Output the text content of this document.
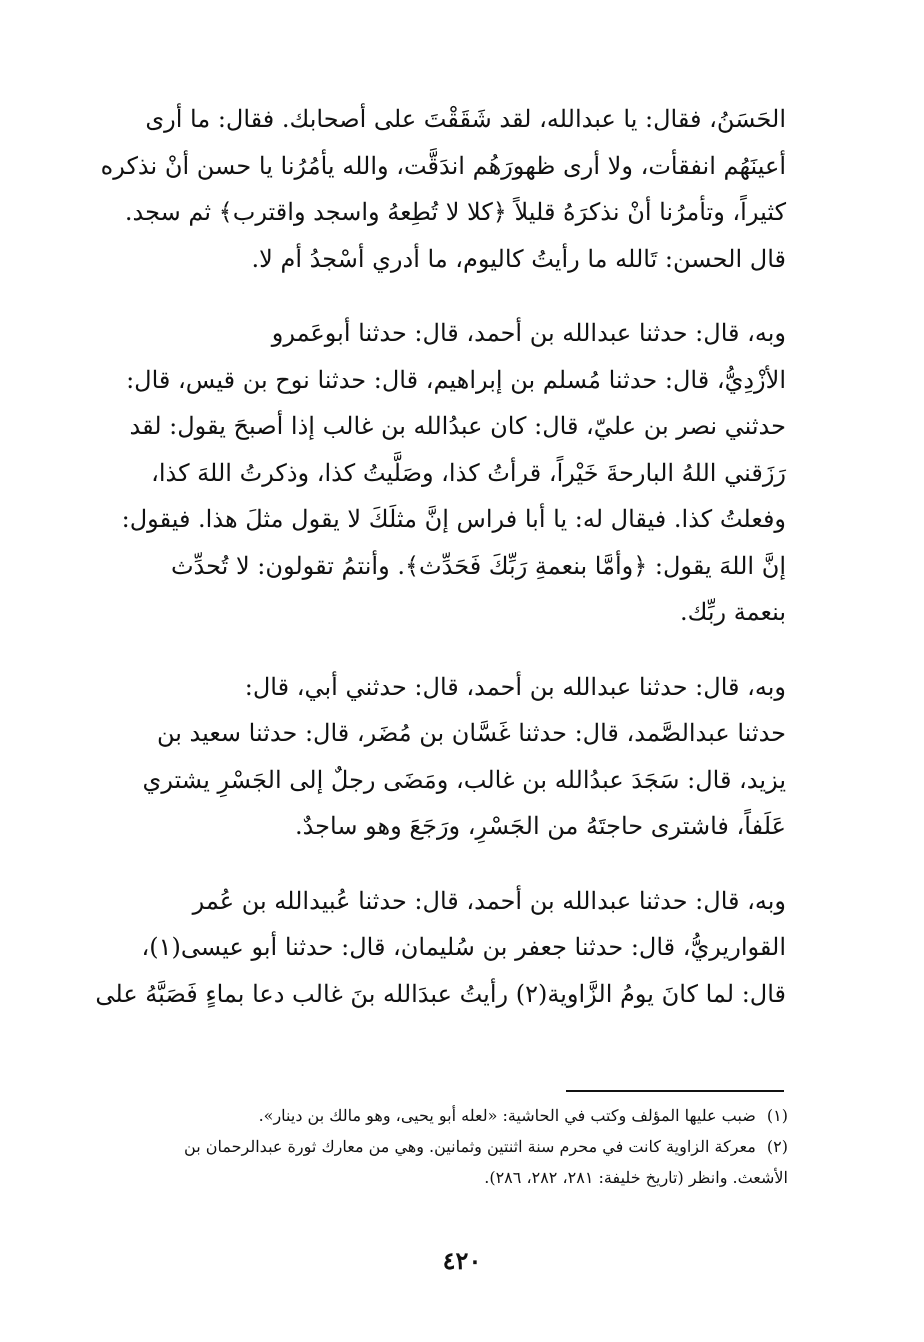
الحَسَنُ، فقال: يا عبدالله، لقد شَقَقْتَ على أصحابك. فقال: ما أرى

أعينَهُم انفقأت، ولا أرى ظهورَهُم اندَقَّت، والله يأمُرُنا يا حسن أنْ نذكره

كثيراً، وتأمرُنا أنْ نذكرَهُ قليلاً ﴿كلا لا تُطِعهُ واسجد واقترب﴾ ثم سجد.

قال الحسن: تَالله ما رأيتُ كاليوم، ما أدري أسْجدُ أم لا.

وبه، قال: حدثنا عبدالله بن أحمد، قال: حدثنا أبوعَمرو

الأزْدِيُّ، قال: حدثنا مُسلم بن إبراهيم، قال: حدثنا نوح بن قيس، قال:

حدثني نصر بن عليّ، قال: كان عبدُالله بن غالب إذا أصبحَ يقول: لقد

رَزَقني اللهُ البارحةَ خَيْراً، قرأتُ كذا، وصَلَّيتُ كذا، وذكرتُ اللهَ كذا،

وفعلتُ كذا. فيقال له: يا أبا فراس إنَّ مثلَكَ لا يقول مثلَ هذا. فيقول:

إنَّ اللهَ يقول: ﴿وأمَّا بنعمةِ رَبِّكَ فَحَدِّث﴾. وأنتمُ تقولون: لا تُحدِّث

بنعمة ربِّك.

وبه، قال: حدثنا عبدالله بن أحمد، قال: حدثني أبي، قال:

حدثنا عبدالصَّمد، قال: حدثنا غَسَّان بن مُضَر، قال: حدثنا سعيد بن

يزيد، قال: سَجَدَ عبدُالله بن غالب، ومَضَى رجلٌ إلى الجَسْرِ يشتري

عَلَفاً، فاشترى حاجتَهُ من الجَسْرِ، ورَجَعَ وهو ساجدٌ.

وبه، قال: حدثنا عبدالله بن أحمد، قال: حدثنا عُبيدالله بن عُمر

القواريريُّ، قال: حدثنا جعفر بن سُليمان، قال: حدثنا أبو عيسى(١)،

قال: لما كانَ يومُ الزَّاوية(٢) رأيتُ عبدَالله بنَ غالب دعا بماءٍ فَصَبَّهُ على

(١) ضبب عليها المؤلف وكتب في الحاشية: «لعله أبو يحيى، وهو مالك بن دينار».

(٢) معركة الزاوية كانت في محرم سنة اثنتين وثمانين. وهي من معارك ثورة عبدالرحمان بن الأشعث. وانظر (تاريخ خليفة: ٢٨١، ٢٨٢، ٢٨٦).

٤٢٠
